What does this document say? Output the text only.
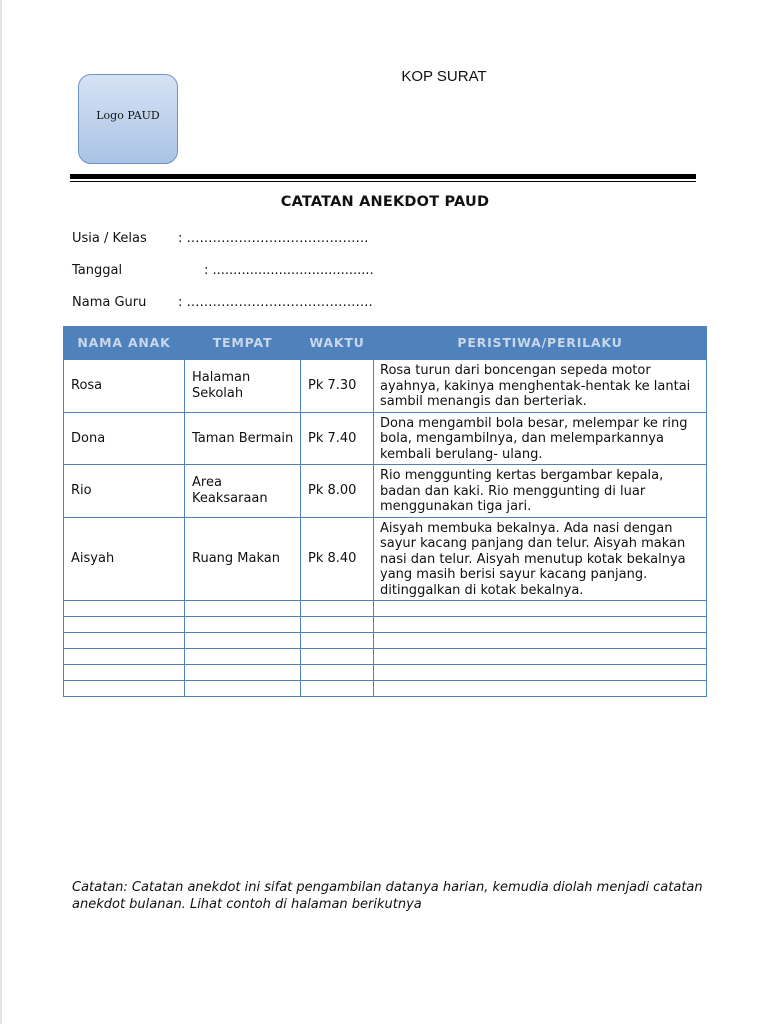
Logo PAUD
KOP SURAT
CATATAN ANEKDOT PAUD
Usia / Kelas : ……………………………………
Tanggal	: .......................................
Nama Guru : …………………………………….
NAMA ANAK	TEMPAT	WAKTU	PERISTIWA/PERILAKU
Rosa	Halaman Sekolah	Pk 7.30	Rosa turun dari boncengan sepeda motor ayahnya, kakinya menghentak-hentak ke lantai sambil menangis dan berteriak.
Dona	Taman Bermain	Pk 7.40	Dona mengambil bola besar, melempar ke ring bola, mengambilnya, dan melemparkannya kembali berulang- ulang.
Rio	Area Keaksaraan	Pk 8.00	Rio menggunting kertas bergambar kepala, badan dan kaki. Rio menggunting di luar menggunakan tiga jari.
Aisyah	Ruang Makan	Pk 8.40	Aisyah membuka bekalnya. Ada nasi dengan sayur kacang panjang dan telur. Aisyah makan nasi dan telur. Aisyah menutup kotak bekalnya yang masih berisi sayur kacang panjang. ditinggalkan di kotak bekalnya.

Catatan: Catatan anekdot ini sifat pengambilan datanya harian, kemudia diolah menjadi catatan anekdot bulanan. Lihat contoh di halaman berikutnya
